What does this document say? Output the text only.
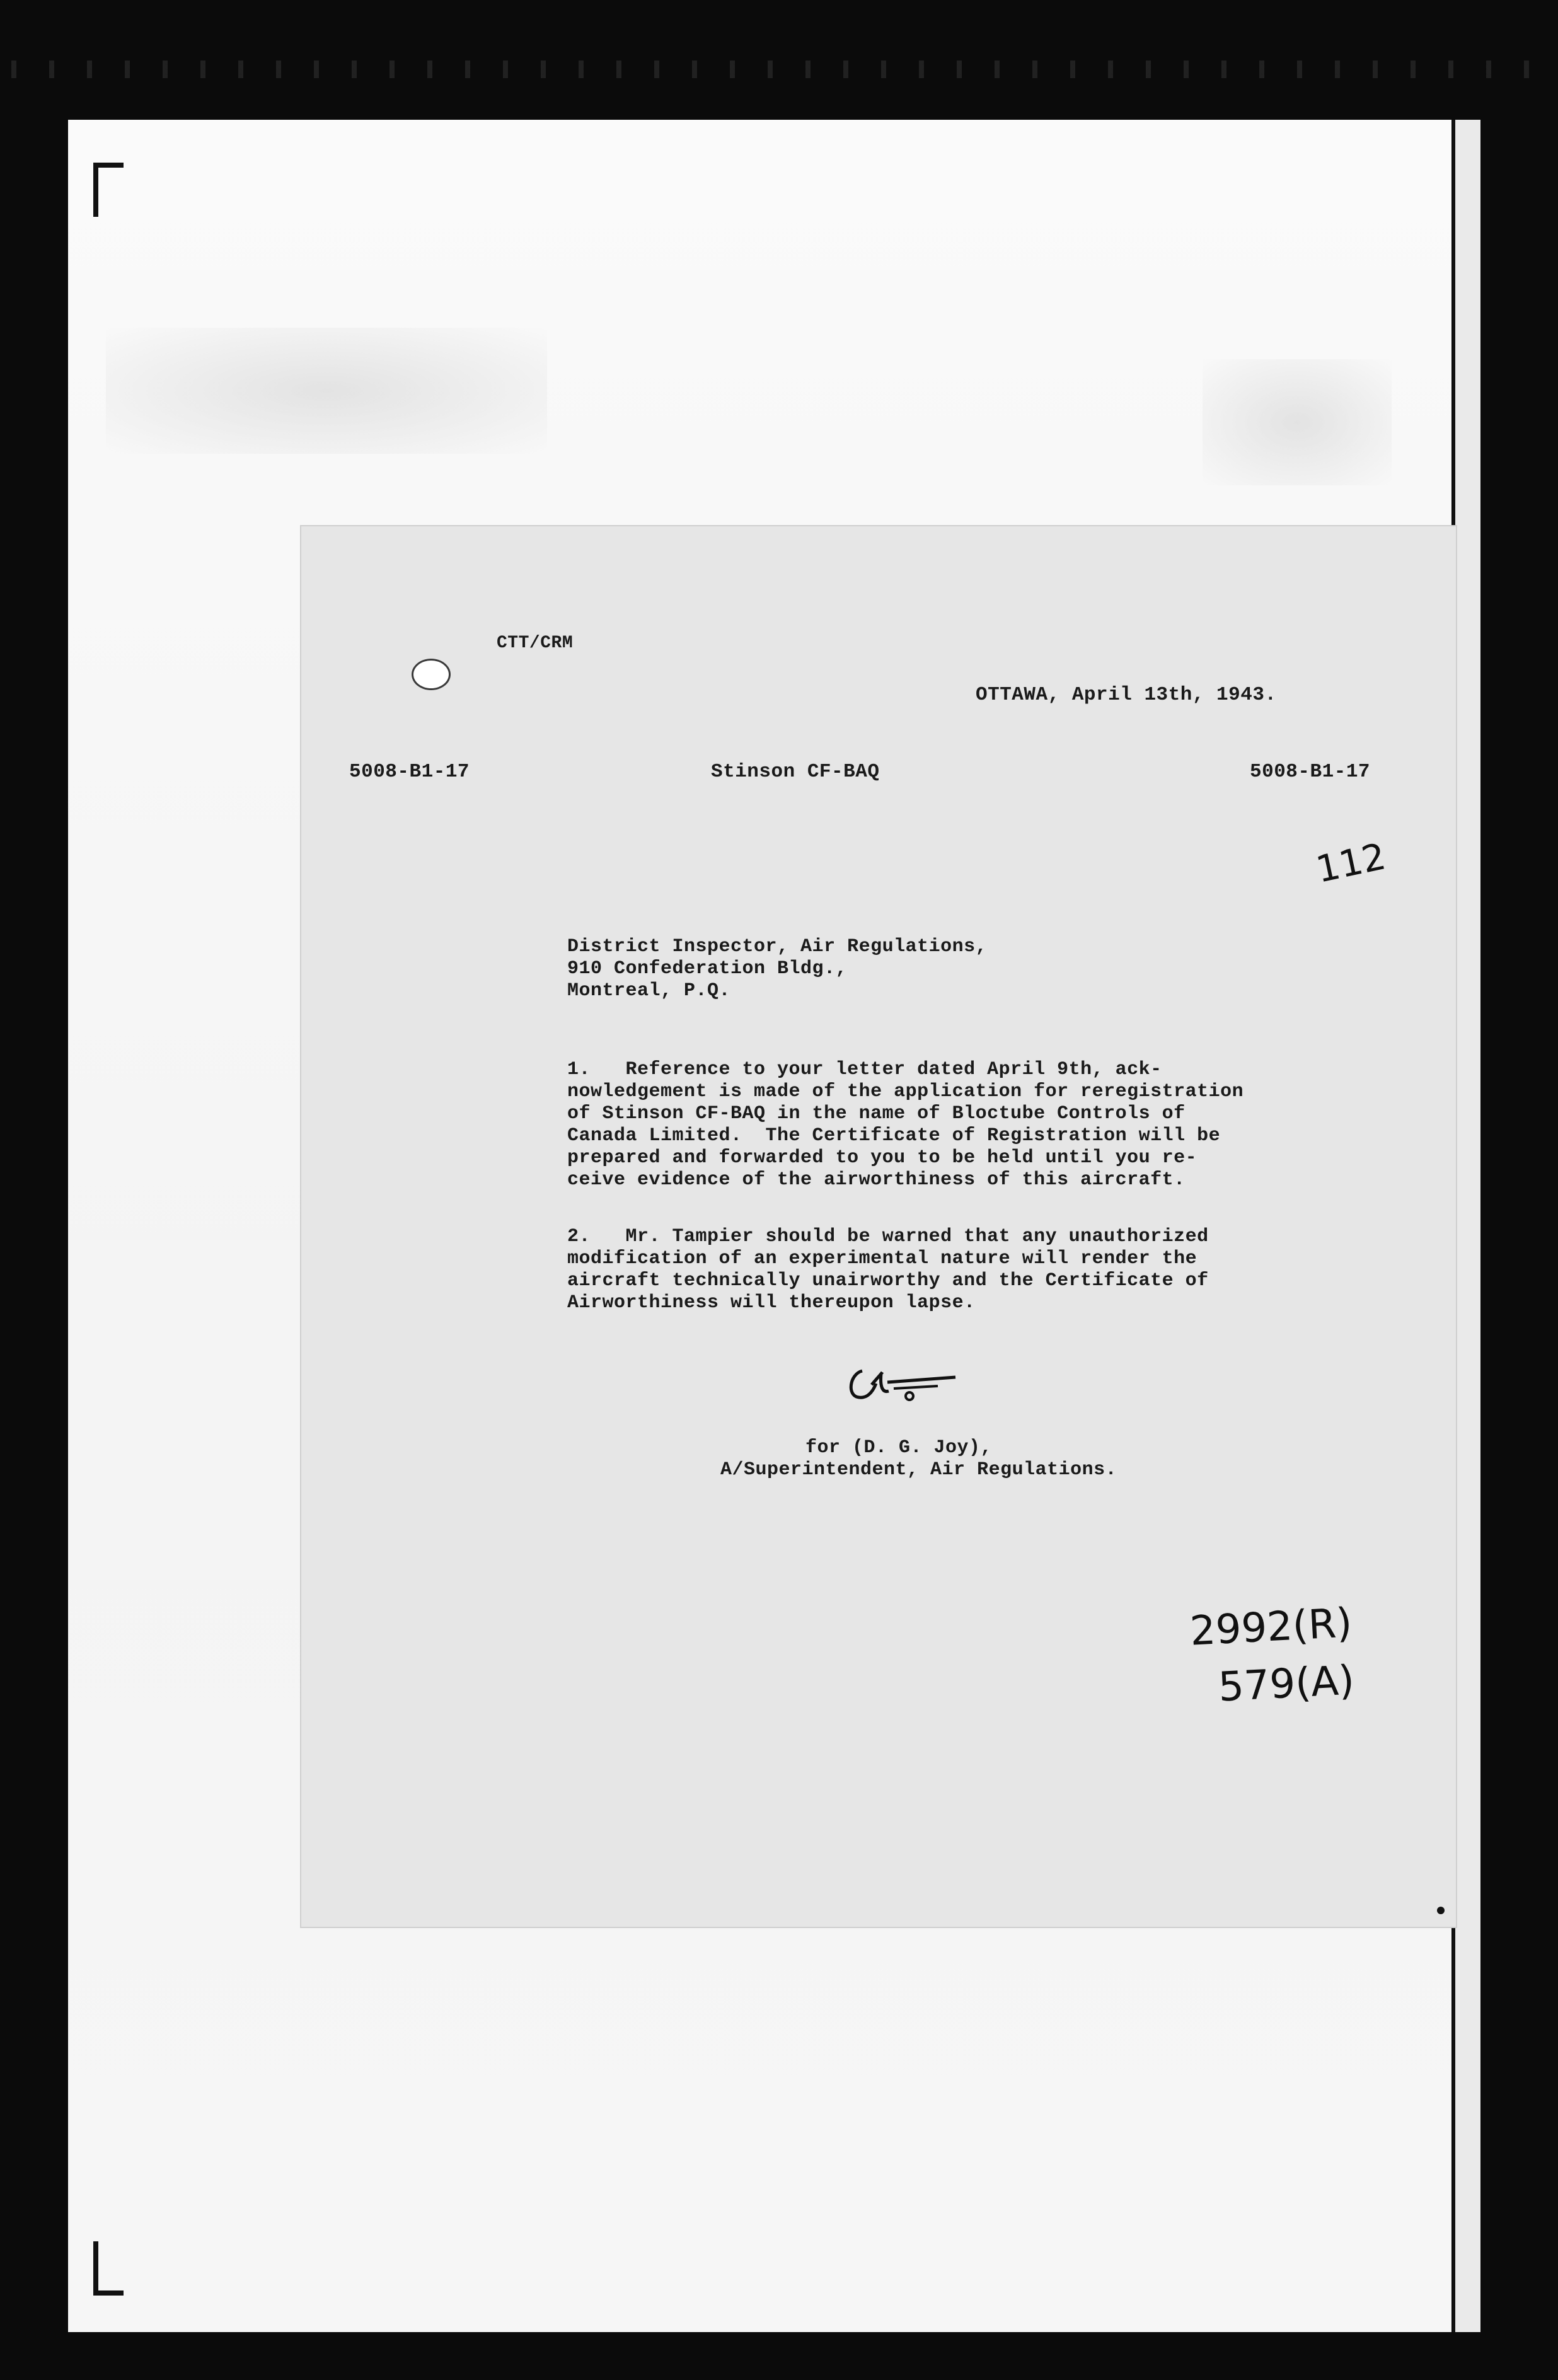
CTT/CRM
OTTAWA, April 13th, 1943.
5008-B1-17	Stinson CF-BAQ	5008-B1-17
District Inspector, Air Regulations,
910 Confederation Bldg.,
Montreal, P.Q.
1.   Reference to your letter dated April 9th, ack-
nowledgement is made of the application for reregistration
of Stinson CF-BAQ in the name of Bloctube Controls of
Canada Limited.  The Certificate of Registration will be
prepared and forwarded to you to be held until you re-
ceive evidence of the airworthiness of this aircraft.
2.   Mr. Tampier should be warned that any unauthorized
modification of an experimental nature will render the
aircraft technically unairworthy and the Certificate of
Airworthiness will thereupon lapse.
for (D. G. Joy),
A/Superintendent, Air Regulations.
112
2992(R)
579(A)
